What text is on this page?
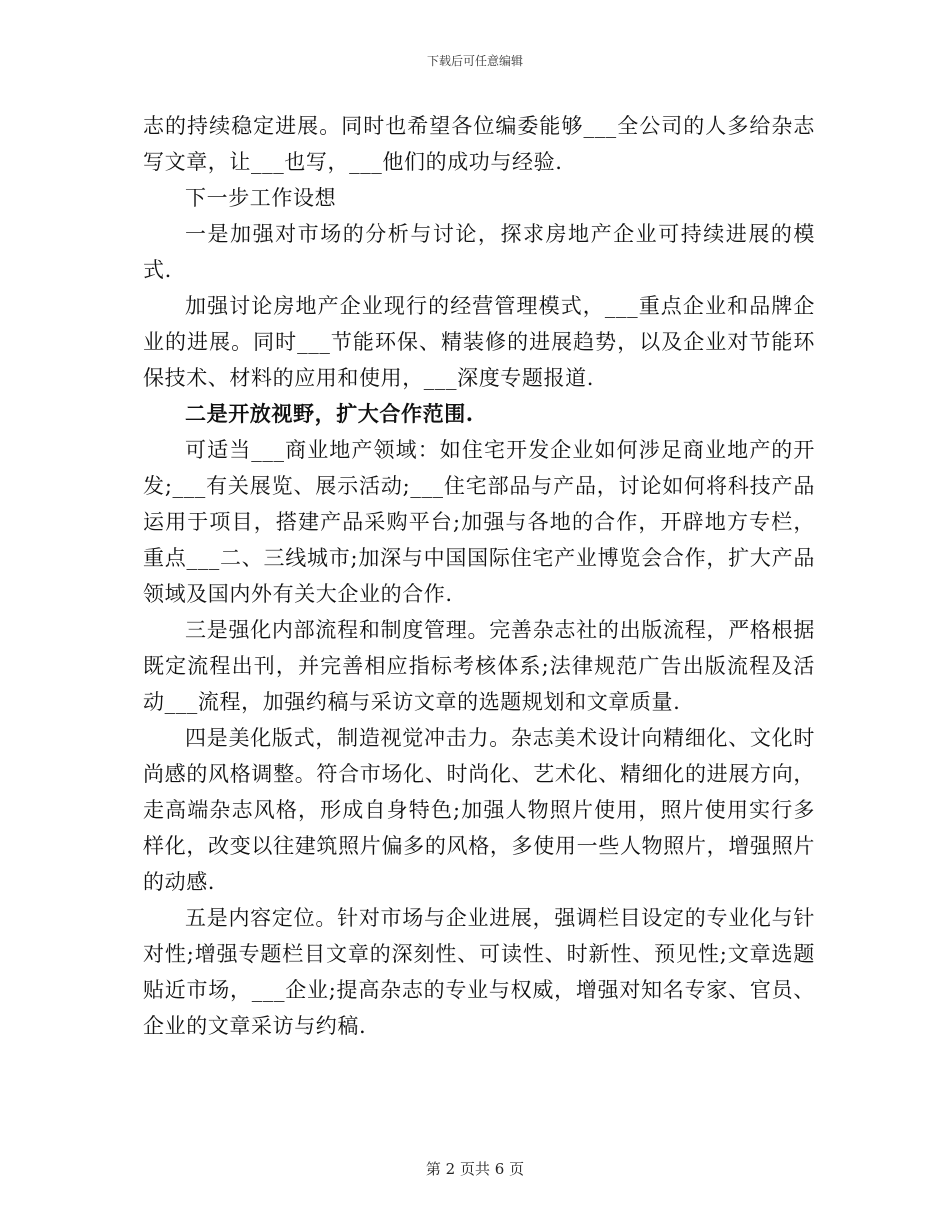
下载后可任意编辑

志的持续稳定进展。同时也希望各位编委能够___全公司的人多给杂志写文章，让___也写，___他们的成功与经验.

下一步工作设想

一是加强对市场的分析与讨论，探求房地产企业可持续进展的模式.

加强讨论房地产企业现行的经营管理模式，___重点企业和品牌企业的进展。同时___节能环保、精装修的进展趋势，以及企业对节能环保技术、材料的应用和使用，___深度专题报道.

二是开放视野，扩大合作范围.

可适当___商业地产领域：如住宅开发企业如何涉足商业地产的开发;___有关展览、展示活动;___住宅部品与产品，讨论如何将科技产品运用于项目，搭建产品采购平台;加强与各地的合作，开辟地方专栏，重点___二、三线城市;加深与中国国际住宅产业博览会合作，扩大产品领域及国内外有关大企业的合作.

三是强化内部流程和制度管理。完善杂志社的出版流程，严格根据既定流程出刊，并完善相应指标考核体系;法律规范广告出版流程及活动___流程，加强约稿与采访文章的选题规划和文章质量.

四是美化版式，制造视觉冲击力。杂志美术设计向精细化、文化时尚感的风格调整。符合市场化、时尚化、艺术化、精细化的进展方向，走高端杂志风格，形成自身特色;加强人物照片使用，照片使用实行多样化，改变以往建筑照片偏多的风格，多使用一些人物照片，增强照片的动感.

五是内容定位。针对市场与企业进展，强调栏目设定的专业化与针对性;增强专题栏目文章的深刻性、可读性、时新性、预见性;文章选题贴近市场，___企业;提高杂志的专业与权威，增强对知名专家、官员、企业的文章采访与约稿.

第 2 页共 6 页
